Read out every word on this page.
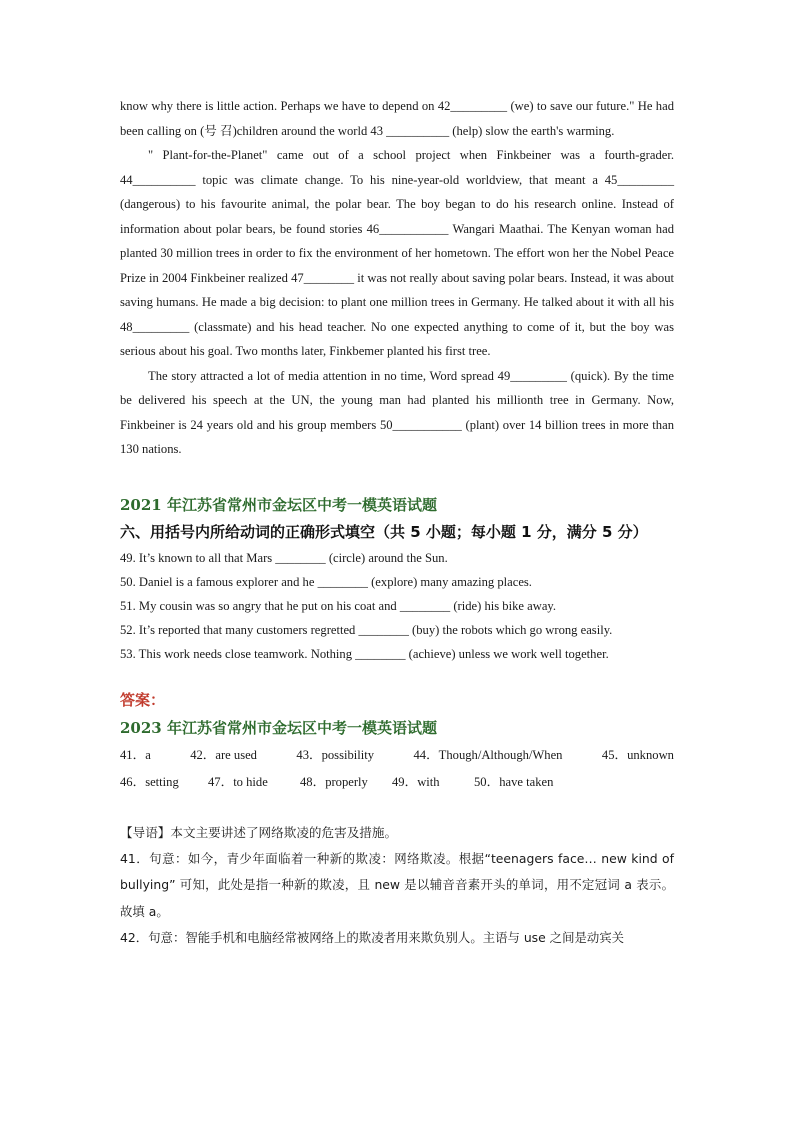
know why there is little action. Perhaps we have to depend on 42_________ (we) to save our future." He had been calling on (号 召)children around the world 43 __________ (help) slow the earth's warming.

" Plant-for-the-Planet" came out of a school project when Finkbeiner was a fourth-grader. 44__________ topic was climate change. To his nine-year-old worldview, that meant a 45_________ (dangerous) to his favourite animal, the polar bear. The boy began to do his research online. Instead of information about polar bears, be found stories 46___________ Wangari Maathai. The Kenyan woman had planted 30 million trees in order to fix the environment of her hometown. The effort won her the Nobel Peace Prize in 2004 Finkbeiner realized 47________ it was not really about saving polar bears. Instead, it was about saving humans. He made a big decision: to plant one million trees in Germany. He talked about it with all his 48_________ (classmate) and his head teacher. No one expected anything to come of it, but the boy was serious about his goal. Two months later, Finkbemer planted his first tree.

The story attracted a lot of media attention in no time, Word spread 49_________ (quick). By the time be delivered his speech at the UN, the young man had planted his millionth tree in Germany. Now, Finkbeiner is 24 years old and his group members 50___________ (plant) over 14 billion trees in more than 130 nations.

2021 年江苏省常州市金坛区中考一模英语试题

六、用括号内所给动词的正确形式填空（共 5 小题；每小题 1 分，满分 5 分）

49. It’s known to all that Mars ________ (circle) around the Sun.

50. Daniel is a famous explorer and he ________ (explore) many amazing places.

51. My cousin was so angry that he put on his coat and ________ (ride) his bike away.

52. It’s reported that many customers regretted ________ (buy) the robots which go wrong easily.

53. This work needs close teamwork. Nothing ________ (achieve) unless we work well together.

答案：

2023 年江苏省常州市金坛区中考一模英语试题

41．a	42．are used	43．possibility	44．Though/Although/When	45．unknown
46．setting	47．to hide	48．properly	49．with	50．have taken

【导语】本文主要讲述了网络欺凌的危害及措施。

41．句意：如今，青少年面临着一种新的欺凌：网络欺凌。根据“teenagers face… new kind of bullying” 可知，此处是指一种新的欺凌，且 new 是以辅音音素开头的单词，用不定冠词 a 表示。故填 a。

42．句意：智能手机和电脑经常被网络上的欺凌者用来欺负别人。主语与 use 之间是动宾关
